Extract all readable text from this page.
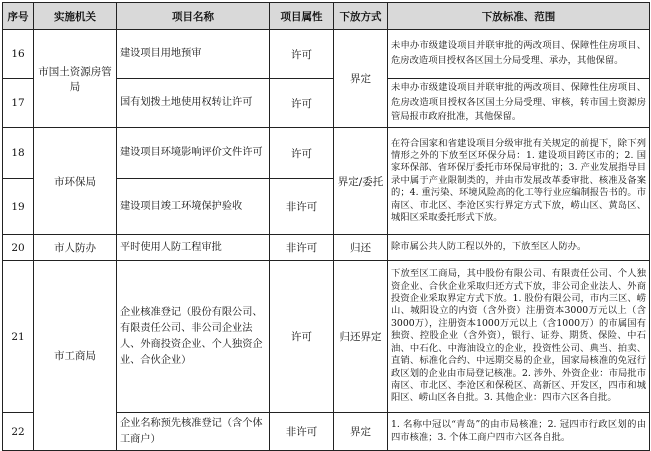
序号	实施机关	项目名称	项目属性	下放方式	下放标准、范围
16	市国土资源房管局	建设项目用地预审	许可	界定	未申办市级建设项目并联审批的两改项目、保障性住房项目、危房改造项目授权各区国土分局受理、承办，其他保留。
17		国有划拨土地使用权转让许可	许可		未申办市级建设项目并联审批的两改项目、保障性住房项目、危房改造项目授权各区国土分局受理、审核，转市国土资源房管局报市政府批准，其他保留。
18	市环保局	建设项目环境影响评价文件许可	许可	界定/委托	在符合国家和省建设项目分级审批有关规定的前提下，除下列情形之外的下放至区环保分局：1. 建设项目跨区市的；2. 国家环保部、省环保厅委托市环保局审批的；3. 产业发展指导目录中属于产业限制类的，并由市发展改革委审批、核准及备案的；4. 重污染、环境风险高的化工等行业应编制报告书的。市南区、市北区、李沧区实行界定方式下放，崂山区、黄岛区、城阳区采取委托形式下放。
19		建设项目竣工环境保护验收	非许可		
20	市人防办	平时使用人防工程审批	非许可	归还	除市属公共人防工程以外的，下放至区人防办。
21	市工商局	企业核准登记（股份有限公司、有限责任公司、非公司企业法人、外商投资企业、个人独资企业、合伙企业）	许可	归还界定	下放至区工商局，其中股份有限公司、有限责任公司、个人独资企业、合伙企业采取归还方式下放，非公司企业法人、外商投资企业采取界定方式下放。1. 股份有限公司，市内三区、崂山、城阳设立的内资（含外资）注册资本3000万元以上（含3000万），注册资本1000万元以上（含1000万）的市属国有独资、控股企业（含外资），银行、证券、期货、保险、中石油、中石化、中海油设立的企业，投资性公司、典当、拍卖、直销、标准化合约、中远期交易的企业，国家局核准的免冠行政区划的企业由市局登记核准。2. 涉外、外资企业：市局批市南区、市北区、李沧区和保税区、高新区、开发区，四市和城阳区、崂山区各自批。3. 其他企业：四市六区各自批。
22		企业名称预先核准登记（含个体工商户）	非许可	界定	1. 名称中冠以“青岛”的由市局核准；2. 冠四市行政区划的由四市核准；3. 个体工商户四市六区各自批。
